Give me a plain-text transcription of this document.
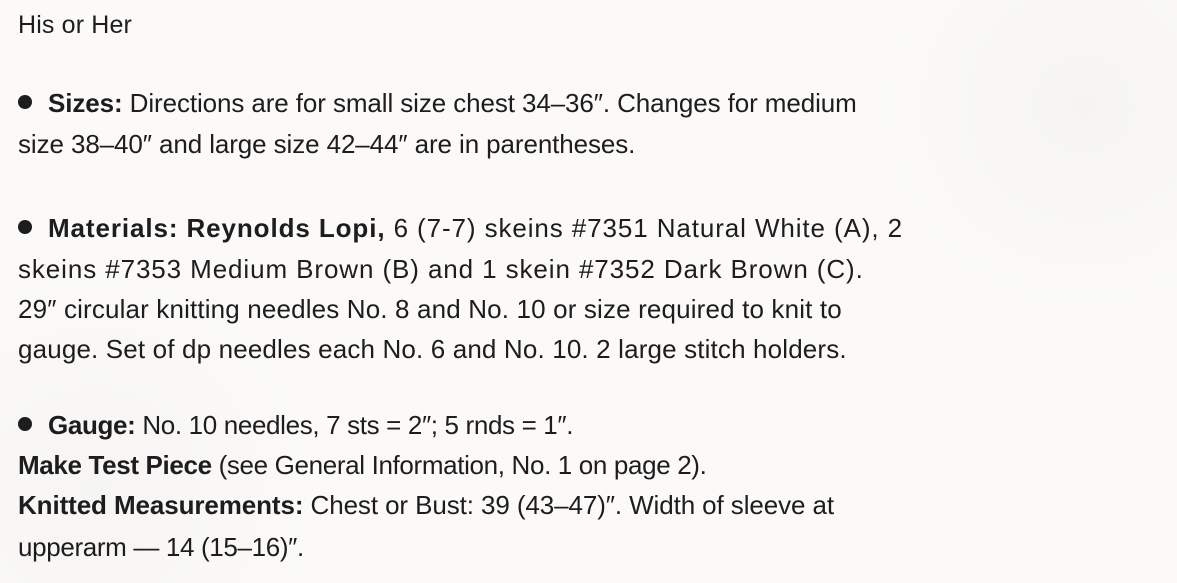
His or Her
Sizes: Directions are for small size chest 34–36″. Changes for medium
size 38–40″ and large size 42–44″ are in parentheses.
Materials: Reynolds Lopi, 6 (7-7) skeins #7351 Natural White (A), 2
skeins #7353 Medium Brown (B) and 1 skein #7352 Dark Brown (C).
29″ circular knitting needles No. 8 and No. 10 or size required to knit to
gauge. Set of dp needles each No. 6 and No. 10. 2 large stitch holders.
Gauge: No. 10 needles, 7 sts = 2″; 5 rnds = 1″.
Make Test Piece (see General Information, No. 1 on page 2).
Knitted Measurements: Chest or Bust: 39 (43–47)″. Width of sleeve at
upperarm — 14 (15–16)″.
